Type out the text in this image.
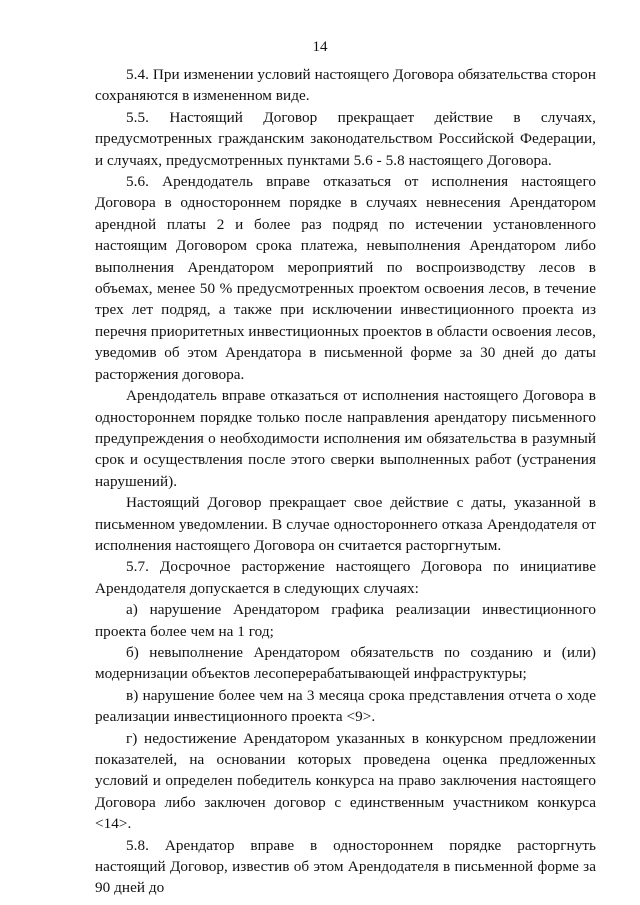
14

5.4. При изменении условий настоящего Договора обязательства сторон сохраняются в измененном виде.

5.5. Настоящий Договор прекращает действие в случаях, предусмотренных гражданским законодательством Российской Федерации, и случаях, предусмотренных пунктами 5.6 - 5.8 настоящего Договора.

5.6. Арендодатель вправе отказаться от исполнения настоящего Договора в одностороннем порядке в случаях невнесения Арендатором арендной платы 2 и более раз подряд по истечении установленного настоящим Договором срока платежа, невыполнения Арендатором либо выполнения Арендатором мероприятий по воспроизводству лесов в объемах, менее 50 % предусмотренных проектом освоения лесов, в течение трех лет подряд, а также при исключении инвестиционного проекта из перечня приоритетных инвестиционных проектов в области освоения лесов, уведомив об этом Арендатора в письменной форме за 30 дней до даты расторжения договора.

Арендодатель вправе отказаться от исполнения настоящего Договора в одностороннем порядке только после направления арендатору письменного предупреждения о необходимости исполнения им обязательства в разумный срок и осуществления после этого сверки выполненных работ (устранения нарушений).

Настоящий Договор прекращает свое действие с даты, указанной в письменном уведомлении. В случае одностороннего отказа Арендодателя от исполнения настоящего Договора он считается расторгнутым.

5.7. Досрочное расторжение настоящего Договора по инициативе Арендодателя допускается в следующих случаях:

а) нарушение Арендатором графика реализации инвестиционного проекта более чем на 1 год;

б) невыполнение Арендатором обязательств по созданию и (или) модернизации объектов лесоперерабатывающей инфраструктуры;

в) нарушение более чем на 3 месяца срока представления отчета о ходе реализации инвестиционного проекта <9>.

г) недостижение Арендатором указанных в конкурсном предложении показателей, на основании которых проведена оценка предложенных условий и определен победитель конкурса на право заключения настоящего Договора либо заключен договор с единственным участником конкурса <14>.

5.8. Арендатор вправе в одностороннем порядке расторгнуть настоящий Договор, известив об этом Арендодателя в письменной форме за 90 дней до
